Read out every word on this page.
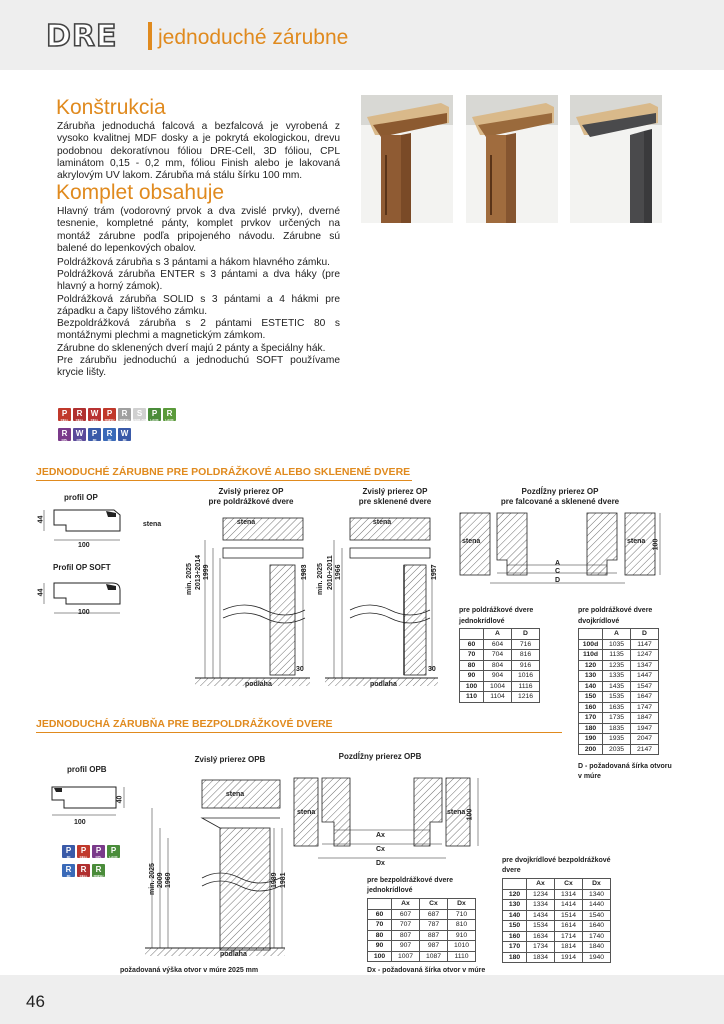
DRE jednoduché zárubne
Konštrukcia

Zárubňa jednoduchá falcová a bezfalcová je vyrobená z vysoko kvalitnej MDF dosky a je pokrytá ekologickou, drevu podobnou dekoratívnou fóliou DRE-Cell, 3D fóliou, CPL laminátom 0,15 - 0,2 mm, fóliou Finish alebo je lakovaná akrylovým UV lakom. Zárubňa má stálu šírku 100 mm.

Komplet obsahuje

Hlavný trám (vodorovný prvok a dva zvislé prvky), dverné tesnenie, kompletné pánty, komplet prvkov určených na montáž zárubne podľa pripojeného návodu. Zárubne sú balené do lepenkových obalov.

Poldrážková zárubňa s 3 pántami a hákom hlavného zámku.

Poldrážková zárubňa ENTER s 3 pántami a dva háky (pre hlavný a horný zámok).

Poldrážková zárubňa SOLID s 3 pántami a 4 hákmi pre západku a čapy lištového zámku.

Bezpoldrážková zárubňa s 2 pántami ESTETIC 80 s montážnymi plechmi a magnetickým zámkom.

Zárubne do sklenených dverí majú 2 pánty a špeciálny hák.

Pre zárubňu jednoduchú a jednoduchú SOFT používame krycie lišty.

P
CELL
R
CELL
W
CELL
P
FINISH
R
FINISH
S
CERLAM
P
LACK
R
LACK
R
CPL
W
CPL
P
3D
R
3D
W
3D
JEDNODUCHÉ ZÁRUBNE PRE POLDRÁŽKOVÉ ALEBO SKLENENÉ DVERE
profil OP
44
100
Profil OP SOFT
44
100
Zvislý prierez OP
pre poldrážkové dvere
stena	stena
min. 2025 2013÷2014 1999	1983
30
podlaha
Zvislý prierez OP
pre sklenené dvere
stena
min. 2025 2010÷2011 1966	1957
30
podlaha
Pozdĺžny prierez OP
pre falcované a sklenené dvere
stena	stena
A
C
D
100
pre poldrážkové dvere
jednokrídlové
	A	D
60	604	716
70	704	816
80	804	916
90	904	1016
100	1004	1116
110	1104	1216
pre poldrážkové dvere
dvojkrídlové
	A	D
100d	1035	1147
110d	1135	1247
120	1235	1347
130	1335	1447
140	1435	1547
150	1535	1647
160	1635	1747
170	1735	1847
180	1835	1947
190	1935	2047
200	2035	2147
D - požadovaná šírka otvoru
v múre
JEDNODUCHÁ ZÁRUBŇA PRE BEZPOLDRÁŽKOVÉ DVERE
profil OPB
40
100
P
3D
P
CELL
P
CPL
P
LACK
R
3D
R
CELL
R
FINISH
Zvislý prierez OPB
stena
min. 2025 2009 1969	1989 1981
podlaha
požadovaná výška otvor v múre 2025 mm
Pozdĺžny prierez OPB
stena	stena
Ax
Cx
Dx
100
pre bezpoldrážkové dvere
jednokrídlové
	Ax	Cx	Dx
60	607	687	710
70	707	787	810
80	807	887	910
90	907	987	1010
100	1007	1087	1110
Dx - požadovaná šírka otvor v múre
pre dvojkrídlové bezpoldrážkové
dvere
	Ax	Cx	Dx
120	1234	1314	1340
130	1334	1414	1440
140	1434	1514	1540
150	1534	1614	1640
160	1634	1714	1740
170	1734	1814	1840
180	1834	1914	1940
46
